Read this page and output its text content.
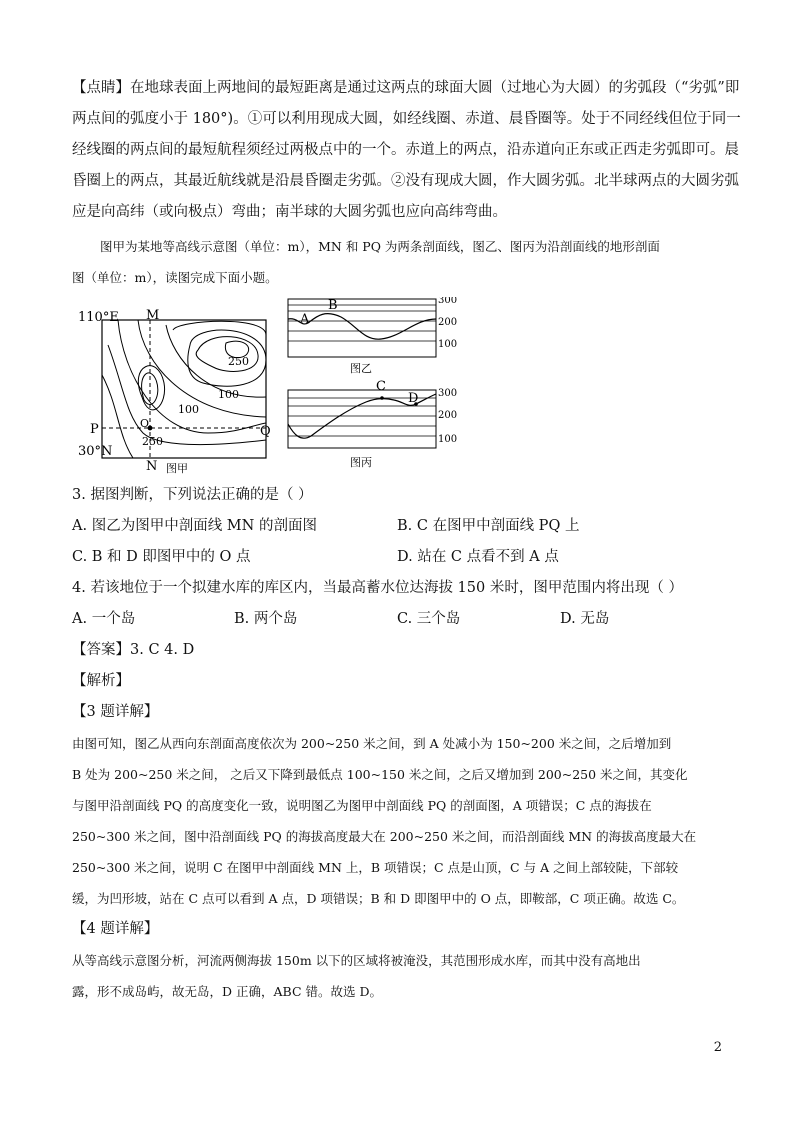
【点睛】在地球表面上两地间的最短距离是通过这两点的球面大圆（过地心为大圆）的劣弧段（“劣弧”即
两点间的弧度小于 180°)。①可以利用现成大圆，如经线圈、赤道、晨昏圈等。处于不同经线但位于同一
经线圈的两点间的最短航程须经过两极点中的一个。赤道上的两点，沿赤道向正东或正西走劣弧即可。晨
昏圈上的两点，其最近航线就是沿晨昏圈走劣弧。②没有现成大圆，作大圆劣弧。北半球两点的大圆劣弧
应是向高纬（或向极点）弯曲；南半球的大圆劣弧也应向高纬弯曲。
图甲为某地等高线示意图（单位：m），MN 和 PQ 为两条剖面线，图乙、图丙为沿剖面线的地形剖面
图（单位：m），读图完成下面小题。
110°E M
N
P	Q
O
30°N
250
100
100
250
图甲
A
B	300
200
100
图乙
C
D 300
200
100
图丙
3. 据图判断，下列说法正确的是（ ）
A. 图乙为图甲中剖面线 MN 的剖面图	B. C 在图甲中剖面线 PQ 上
C. B 和 D 即图甲中的 O 点	D. 站在 C 点看不到 A 点
4. 若该地位于一个拟建水库的库区内，当最高蓄水位达海拔 150 米时，图甲范围内将出现（ ）
A. 一个岛	B. 两个岛	C. 三个岛	D. 无岛
【答案】3. C 4. D
【解析】
【3 题详解】
由图可知，图乙从西向东剖面高度依次为 200~250 米之间，到 A 处减小为 150~200 米之间，之后增加到
B 处为 200~250 米之间， 之后又下降到最低点 100~150 米之间，之后又增加到 200~250 米之间，其变化
与图甲沿剖面线 PQ 的高度变化一致，说明图乙为图甲中剖面线 PQ 的剖面图，A 项错误；C 点的海拔在
250~300 米之间，图中沿剖面线 PQ 的海拔高度最大在 200~250 米之间，而沿剖面线 MN 的海拔高度最大在
250~300 米之间，说明 C 在图甲中剖面线 MN 上，B 项错误；C 点是山顶，C 与 A 之间上部较陡，下部较
缓，为凹形坡，站在 C 点可以看到 A 点，D 项错误；B 和 D 即图甲中的 O 点，即鞍部，C 项正确。故选 C。
【4 题详解】
从等高线示意图分析，河流两侧海拔 150m 以下的区域将被淹没，其范围形成水库，而其中没有高地出
露，形不成岛屿，故无岛，D 正确，ABC 错。故选 D。
2
